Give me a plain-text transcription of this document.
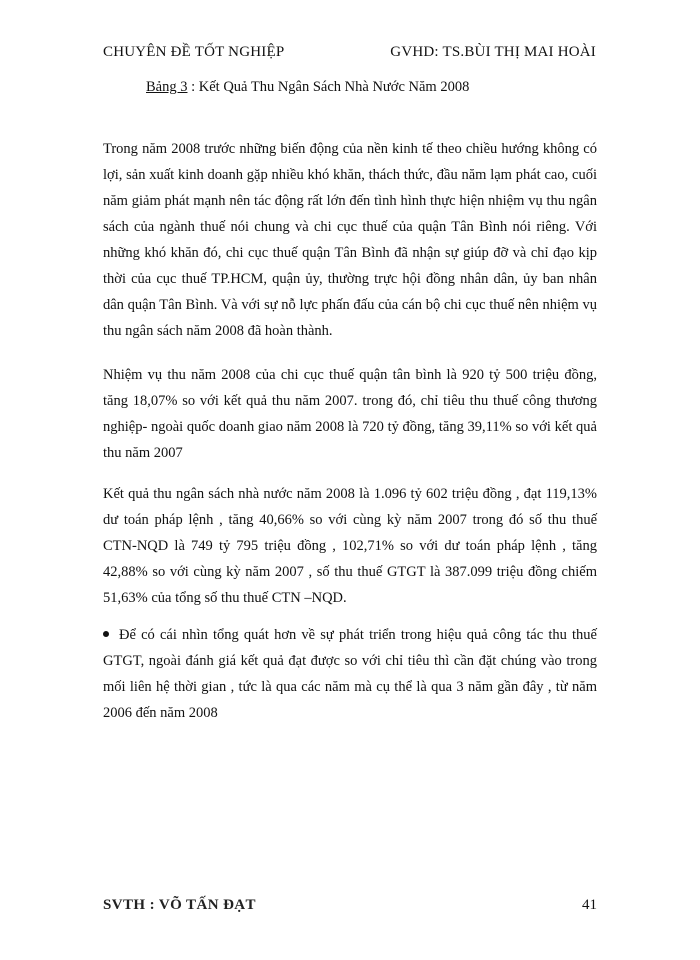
CHUYÊN ĐỀ TỐT NGHIỆP	GVHD: TS.BÙI THỊ MAI HOÀI
Bảng 3 : Kết Quả Thu Ngân Sách Nhà Nước Năm 2008
Trong năm 2008 trước những biến động của nền kinh tế theo chiều hướng không có lợi, sản xuất kinh doanh gặp nhiều khó khăn, thách thức, đầu năm lạm phát cao, cuối năm giảm phát mạnh nên tác động rất lớn đến tình hình thực hiện nhiệm vụ thu ngân sách của ngành thuế nói chung và chi cục thuế của quận Tân Bình nói riêng. Với những khó khăn đó, chi cục thuế quận Tân Bình đã nhận sự giúp đỡ và chỉ đạo kịp thời của cục thuế TP.HCM, quận ủy, thường trực hội đồng nhân dân, ủy ban nhân dân quận Tân Bình. Và với sự nỗ lực phấn đấu của cán bộ chi cục thuế nên nhiệm vụ thu ngân sách năm 2008 đã hoàn thành.
Nhiệm vụ thu năm 2008 của chi cục thuế quận tân bình là 920 tỷ 500 triệu đồng, tăng 18,07% so với kết quả thu năm 2007. trong đó, chỉ tiêu thu thuế công thương nghiệp- ngoài quốc doanh giao năm 2008 là 720 tỷ đồng, tăng 39,11% so với kết quả thu năm 2007
Kết quả thu ngân sách nhà nước năm 2008 là 1.096 tỷ 602 triệu đồng , đạt 119,13% dư toán pháp lệnh , tăng 40,66% so với cùng kỳ năm 2007 trong đó số thu thuế CTN-NQD là 749 tỷ 795 triệu đồng , 102,71% so với dư toán pháp lệnh , tăng 42,88% so với cùng kỳ năm 2007 , số thu thuế GTGT là 387.099 triệu đồng chiếm 51,63% của tổng số thu thuế CTN –NQD.
Để có cái nhìn tổng quát hơn về sự phát triển trong hiệu quả công tác thu thuế GTGT, ngoài đánh giá kết quả đạt được so với chỉ tiêu thì cần đặt chúng vào trong mối liên hệ thời gian , tức là qua các năm mà cụ thể là qua 3 năm gần đây , từ năm 2006 đến năm 2008
SVTH : VÕ TẤN ĐẠT	41
